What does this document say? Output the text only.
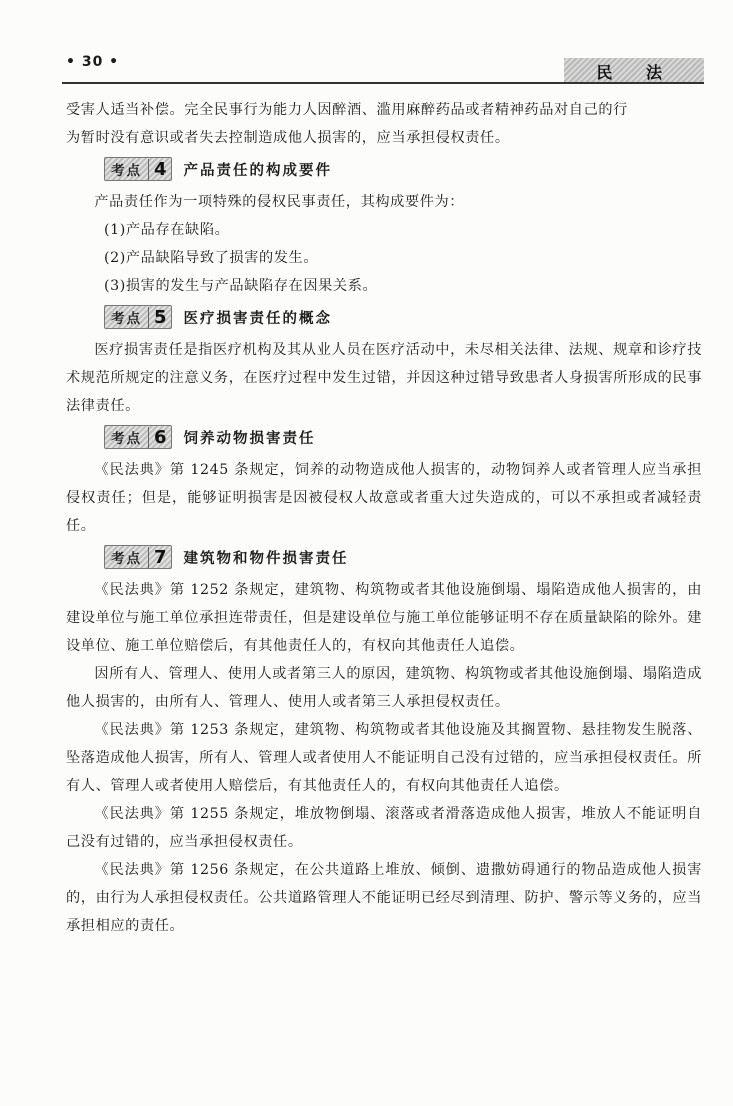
• 30 •
民 法

受害人适当补偿。完全民事行为能力人因醉酒、滥用麻醉药品或者精神药品对自己的行

为暂时没有意识或者失去控制造成他人损害的，应当承担侵权责任。

考点 4 产品责任的构成要件

产品责任作为一项特殊的侵权民事责任，其构成要件为：

(1)产品存在缺陷。

(2)产品缺陷导致了损害的发生。

(3)损害的发生与产品缺陷存在因果关系。

考点 5 医疗损害责任的概念

医疗损害责任是指医疗机构及其从业人员在医疗活动中，未尽相关法律、法规、规章和诊疗技术规范所规定的注意义务，在医疗过程中发生过错，并因这种过错导致患者人身损害所形成的民事法律责任。

考点 6 饲养动物损害责任

《民法典》第 1245 条规定，饲养的动物造成他人损害的，动物饲养人或者管理人应当承担侵权责任；但是，能够证明损害是因被侵权人故意或者重大过失造成的，可以不承担或者减轻责任。

考点 7 建筑物和物件损害责任

《民法典》第 1252 条规定，建筑物、构筑物或者其他设施倒塌、塌陷造成他人损害的，由建设单位与施工单位承担连带责任，但是建设单位与施工单位能够证明不存在质量缺陷的除外。建设单位、施工单位赔偿后，有其他责任人的，有权向其他责任人追偿。

因所有人、管理人、使用人或者第三人的原因，建筑物、构筑物或者其他设施倒塌、塌陷造成他人损害的，由所有人、管理人、使用人或者第三人承担侵权责任。

《民法典》第 1253 条规定，建筑物、构筑物或者其他设施及其搁置物、悬挂物发生脱落、坠落造成他人损害，所有人、管理人或者使用人不能证明自己没有过错的，应当承担侵权责任。所有人、管理人或者使用人赔偿后，有其他责任人的，有权向其他责任人追偿。

《民法典》第 1255 条规定，堆放物倒塌、滚落或者滑落造成他人损害，堆放人不能证明自己没有过错的，应当承担侵权责任。

《民法典》第 1256 条规定，在公共道路上堆放、倾倒、遗撒妨碍通行的物品造成他人损害的，由行为人承担侵权责任。公共道路管理人不能证明已经尽到清理、防护、警示等义务的，应当承担相应的责任。
